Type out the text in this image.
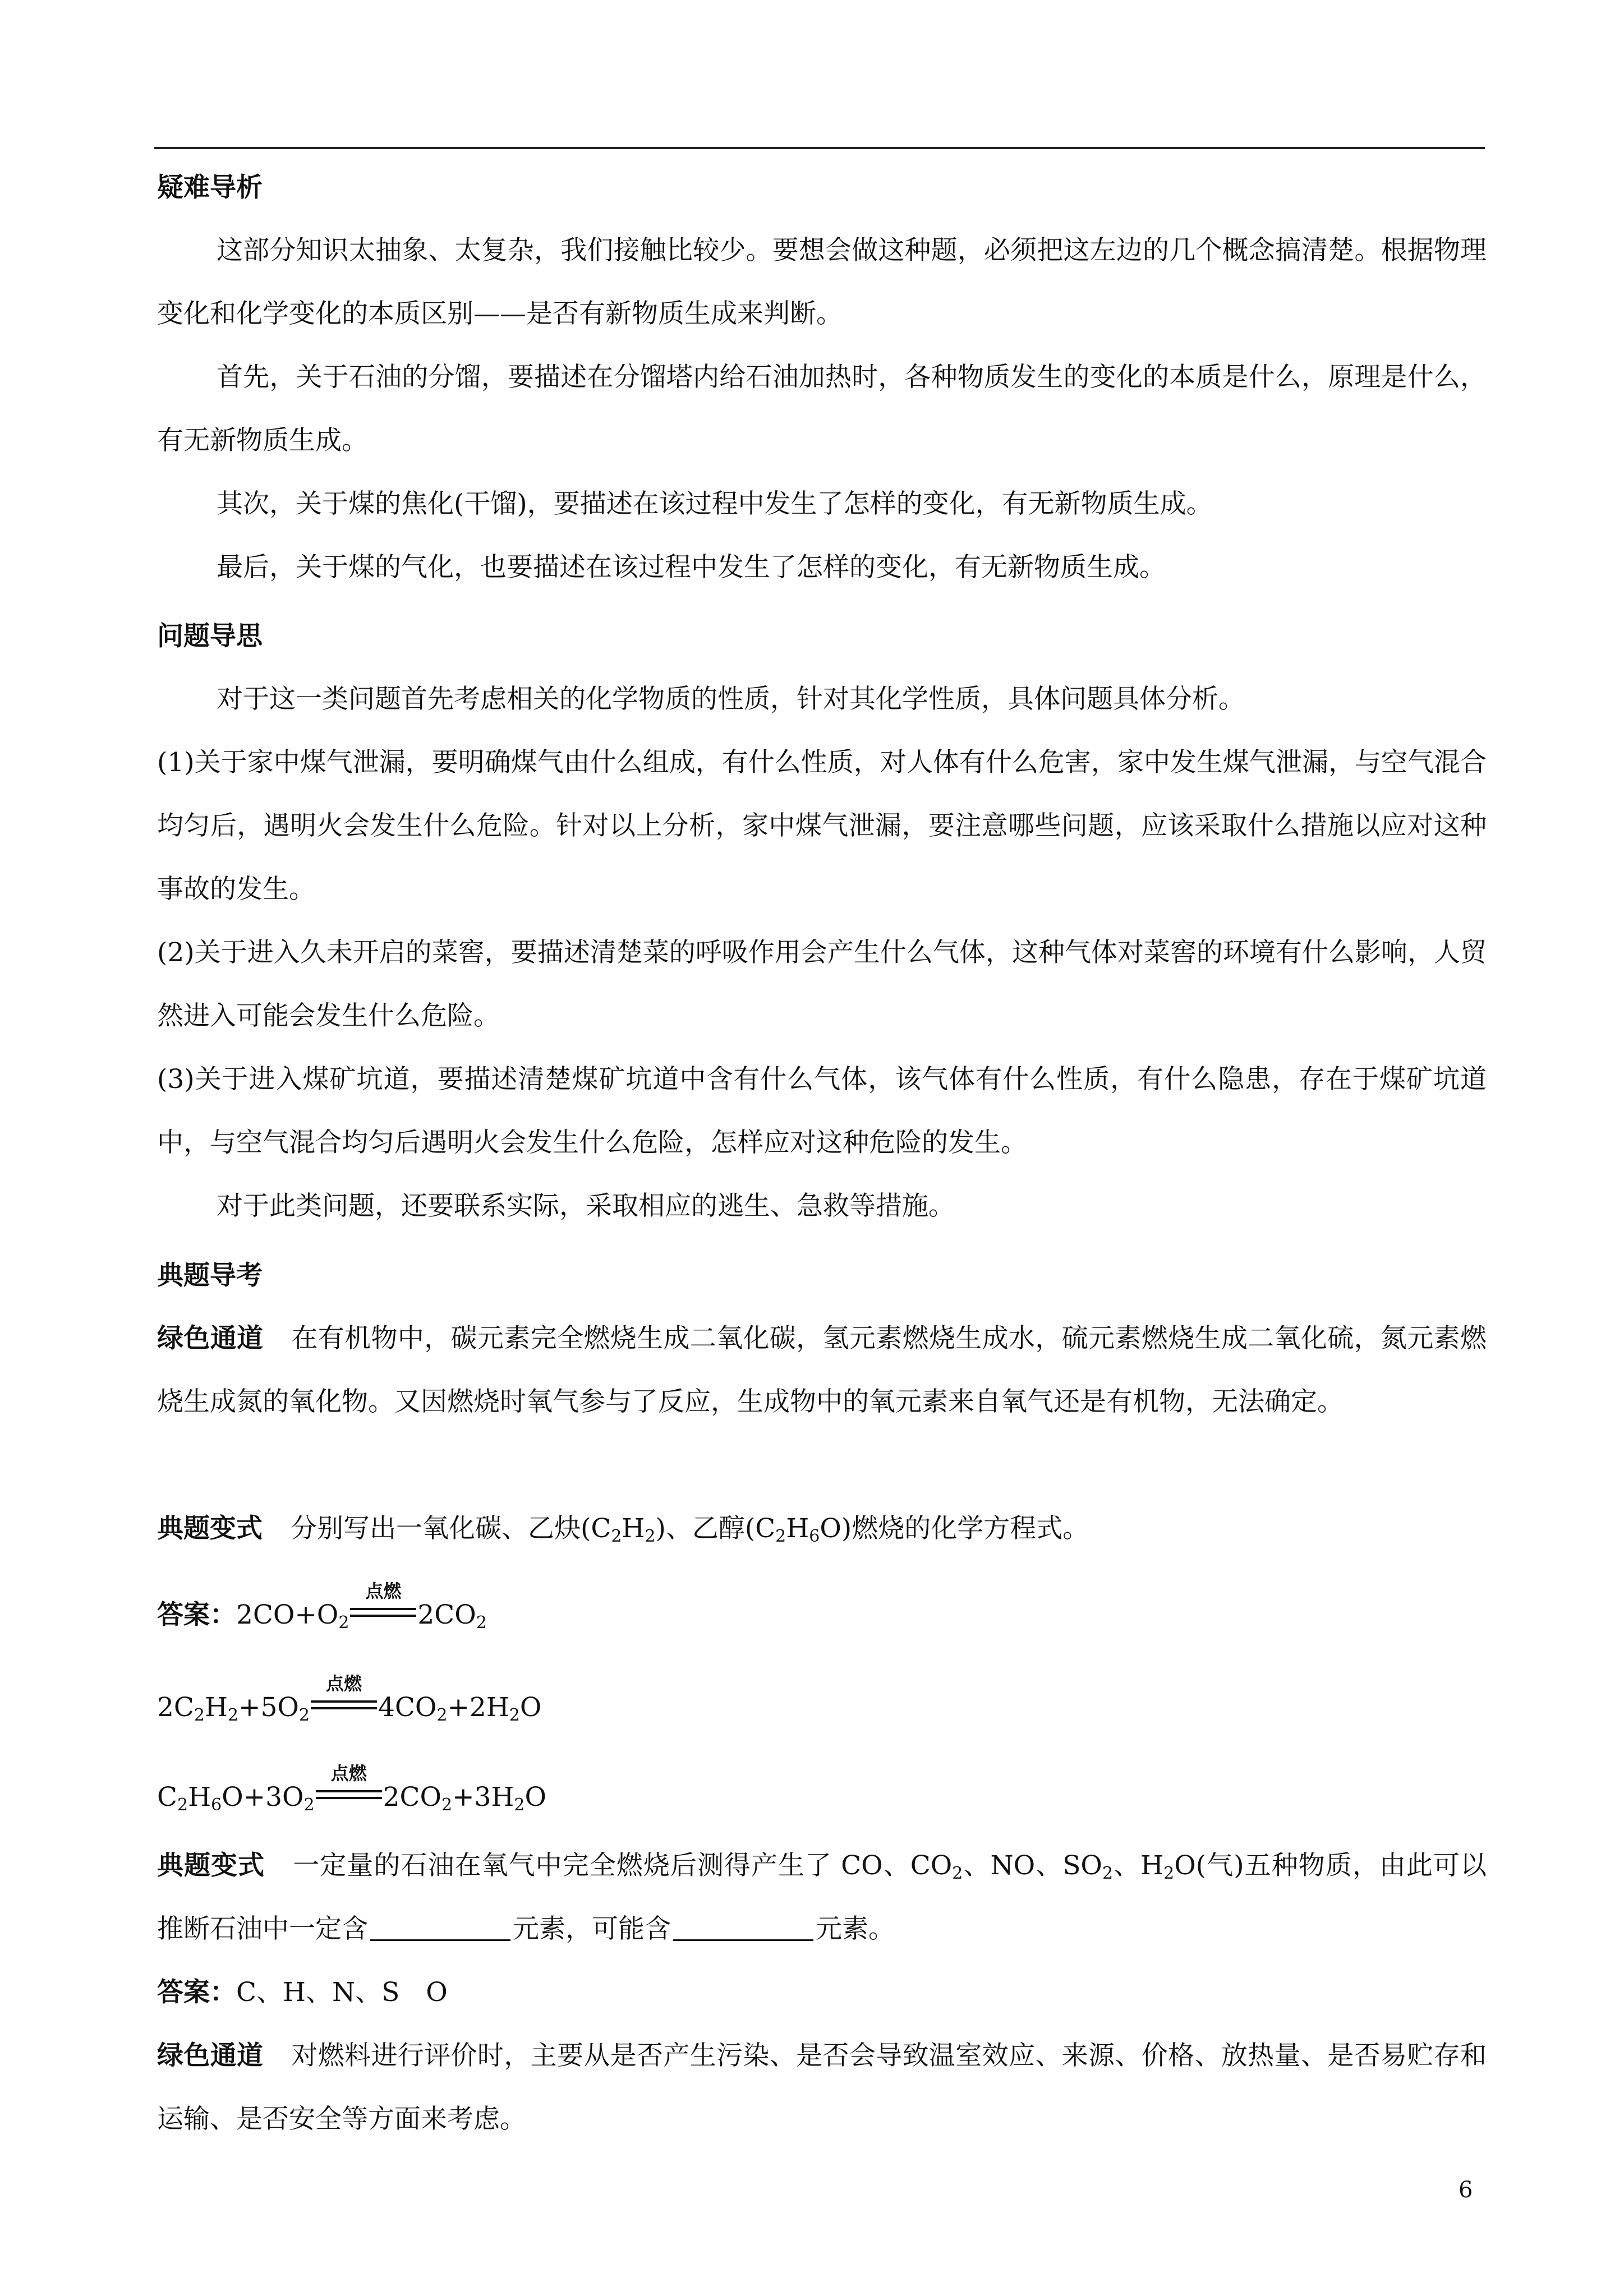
疑难导析

这部分知识太抽象、太复杂，我们接触比较少。要想会做这种题，必须把这左边的几个概念搞清楚。根据物理变化和化学变化的本质区别——是否有新物质生成来判断。

首先，关于石油的分馏，要描述在分馏塔内给石油加热时，各种物质发生的变化的本质是什么，原理是什么，有无新物质生成。

其次，关于煤的焦化(干馏)，要描述在该过程中发生了怎样的变化，有无新物质生成。

最后，关于煤的气化，也要描述在该过程中发生了怎样的变化，有无新物质生成。

问题导思

对于这一类问题首先考虑相关的化学物质的性质，针对其化学性质，具体问题具体分析。

(1)关于家中煤气泄漏，要明确煤气由什么组成，有什么性质，对人体有什么危害，家中发生煤气泄漏，与空气混合均匀后，遇明火会发生什么危险。针对以上分析，家中煤气泄漏，要注意哪些问题，应该采取什么措施以应对这种事故的发生。

(2)关于进入久未开启的菜窖，要描述清楚菜的呼吸作用会产生什么气体，这种气体对菜窖的环境有什么影响，人贸然进入可能会发生什么危险。

(3)关于进入煤矿坑道，要描述清楚煤矿坑道中含有什么气体，该气体有什么性质，有什么隐患，存在于煤矿坑道中，与空气混合均匀后遇明火会发生什么危险，怎样应对这种危险的发生。

对于此类问题，还要联系实际，采取相应的逃生、急救等措施。

典题导考

绿色通道 在有机物中，碳元素完全燃烧生成二氧化碳，氢元素燃烧生成水，硫元素燃烧生成二氧化硫，氮元素燃烧生成氮的氧化物。又因燃烧时氧气参与了反应，生成物中的氧元素来自氧气还是有机物，无法确定。

典题变式 分别写出一氧化碳、乙炔$(C_2H_2)$、乙醇$(C_2H_6O)$燃烧的化学方程式。

答案：$2CO+O_2$
点燃
$2CO_2$
$2C_2H_2+5O_2$
点燃
$4CO_2+2H_2O$
$C_2H_6O+3O_2$
点燃
$2CO_2+3H_2O$

典题变式 一定量的石油在氧气中完全燃烧后测得产生了 CO、$CO_2$、NO、$SO_2$、$H_2O$(气)五种物质，由此可以推断石油中一定含	元素，可能含	元素。

答案：C、H、N、S　O

绿色通道 对燃料进行评价时，主要从是否产生污染、是否会导致温室效应、来源、价格、放热量、是否易贮存和运输、是否安全等方面来考虑。

6
